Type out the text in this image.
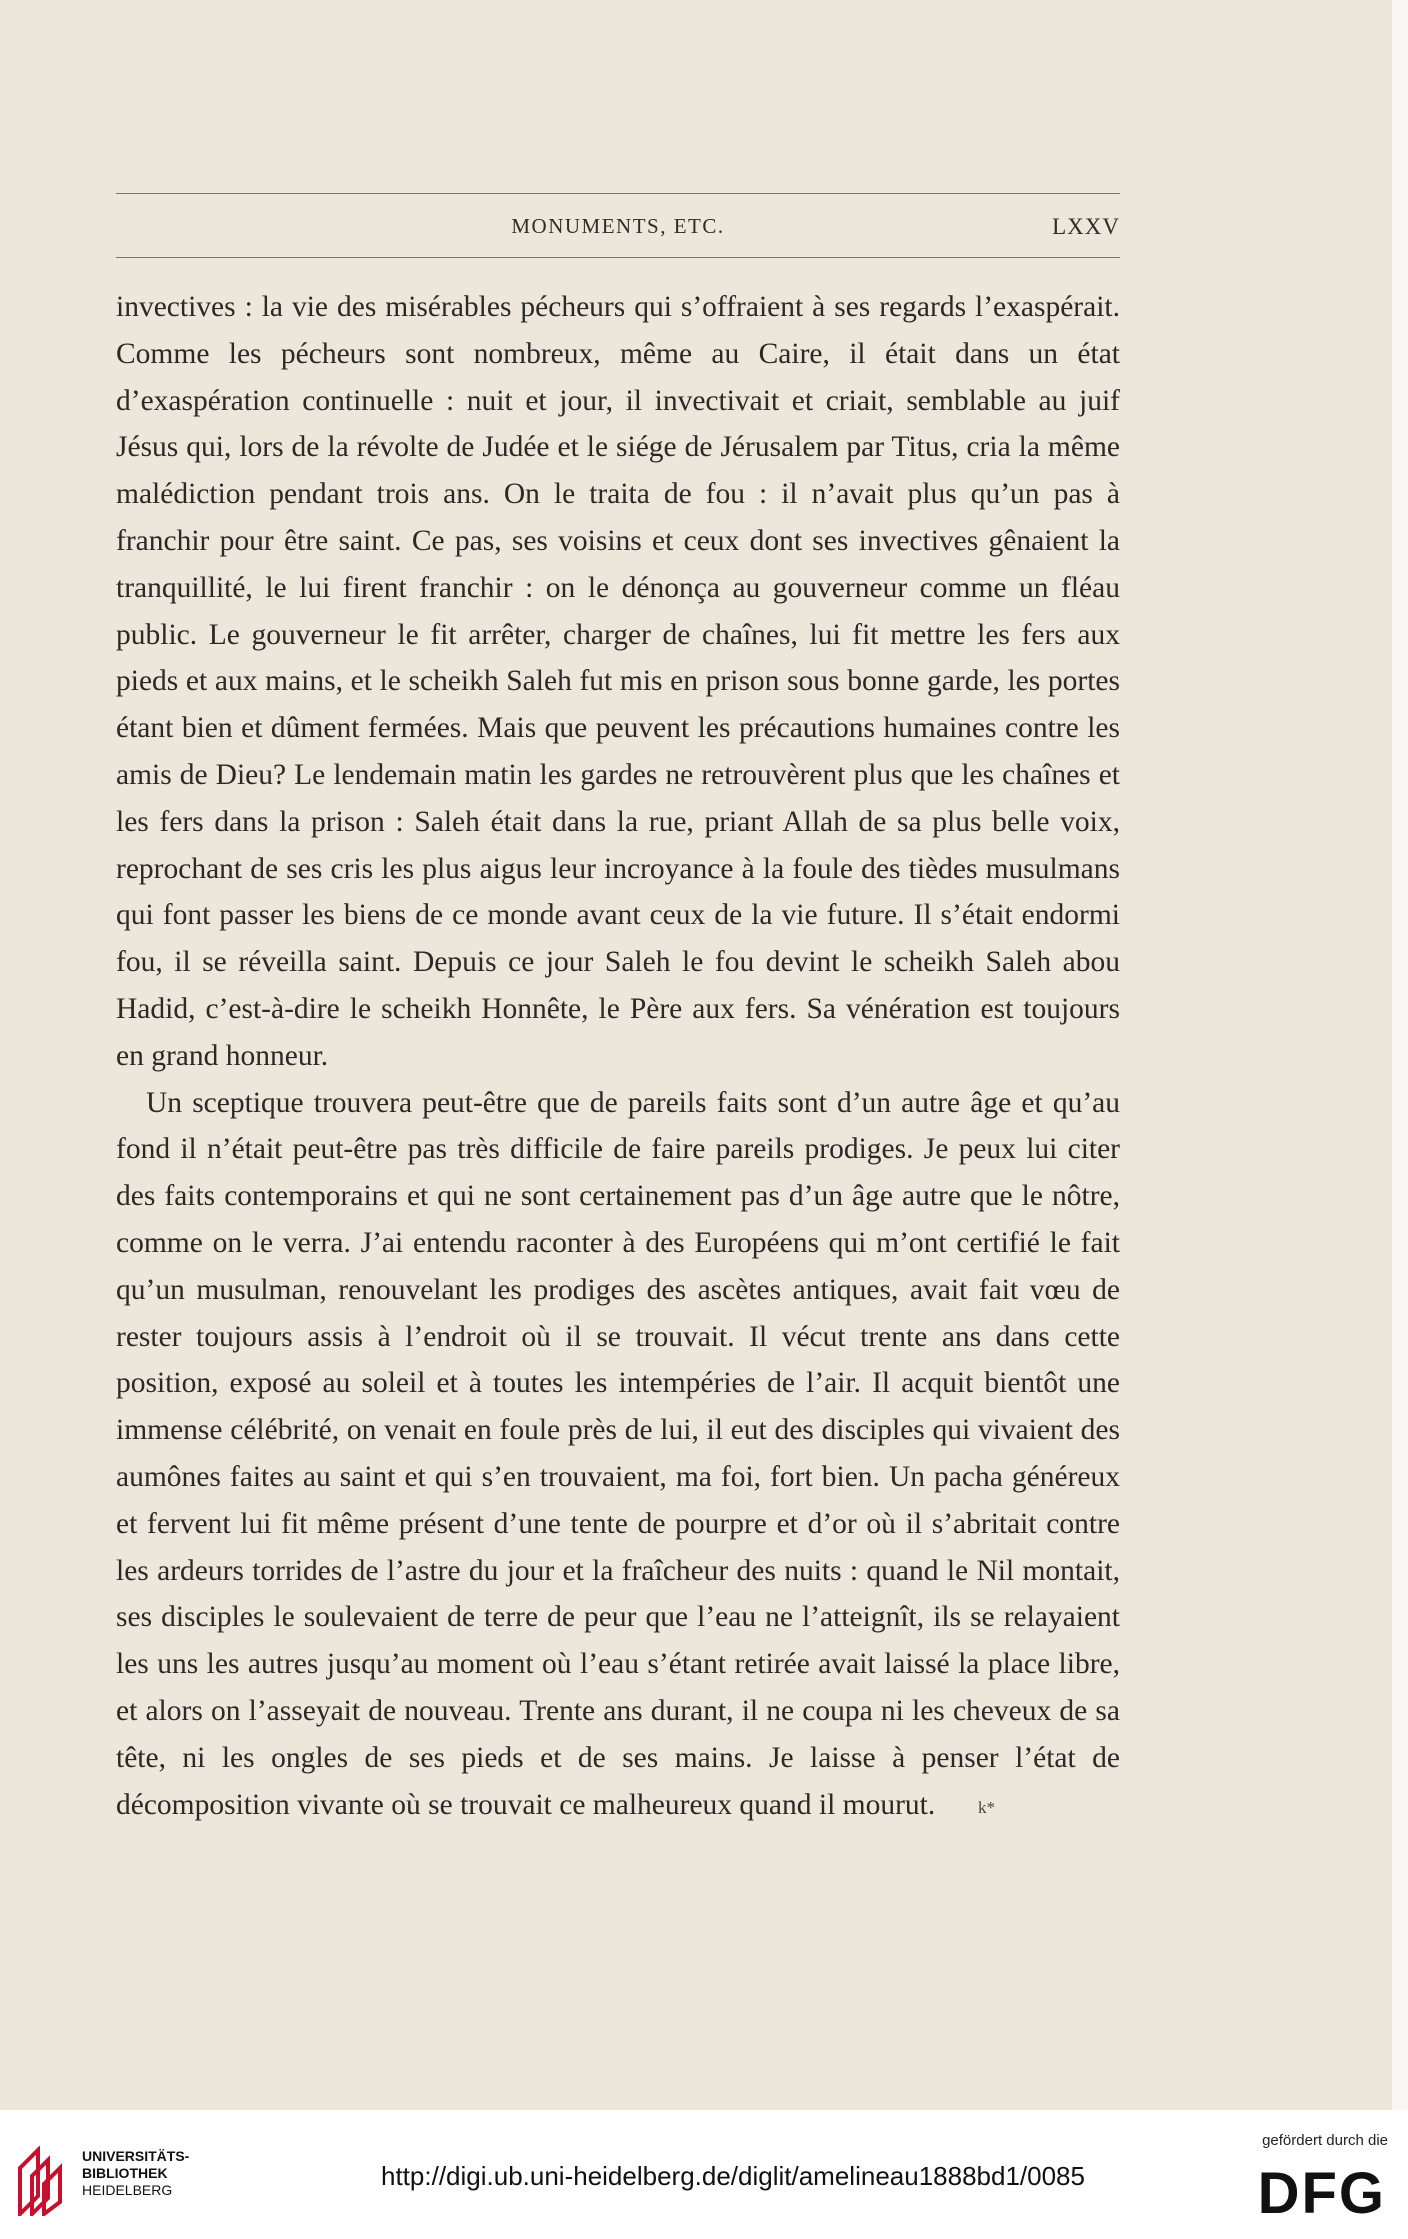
MONUMENTS, ETC.	LXXV

invectives : la vie des misérables pécheurs qui s’offraient à ses regards l’exaspérait. Comme les pécheurs sont nombreux, même au Caire, il était dans un état d’exaspération continuelle : nuit et jour, il invectivait et criait, semblable au juif Jésus qui, lors de la révolte de Judée et le siége de Jérusalem par Titus, cria la même malédiction pendant trois ans. On le traita de fou : il n’avait plus qu’un pas à franchir pour être saint. Ce pas, ses voisins et ceux dont ses invectives gênaient la tranquillité, le lui firent franchir : on le dénonça au gouverneur comme un fléau public. Le gouverneur le fit arrêter, charger de chaînes, lui fit mettre les fers aux pieds et aux mains, et le scheikh Saleh fut mis en prison sous bonne garde, les portes étant bien et dûment fermées. Mais que peuvent les précautions humaines contre les amis de Dieu? Le lendemain matin les gardes ne retrouvèrent plus que les chaînes et les fers dans la prison : Saleh était dans la rue, priant Allah de sa plus belle voix, reprochant de ses cris les plus aigus leur incroyance à la foule des tièdes musulmans qui font passer les biens de ce monde avant ceux de la vie future. Il s’était endormi fou, il se réveilla saint. Depuis ce jour Saleh le fou devint le scheikh Saleh abou Hadid, c’est-à-dire le scheikh Honnête, le Père aux fers. Sa vénération est toujours en grand honneur.

Un sceptique trouvera peut-être que de pareils faits sont d’un autre âge et qu’au fond il n’était peut-être pas très difficile de faire pareils prodiges. Je peux lui citer des faits contemporains et qui ne sont certainement pas d’un âge autre que le nôtre, comme on le verra. J’ai entendu raconter à des Européens qui m’ont certifié le fait qu’un musulman, renouvelant les prodiges des ascètes antiques, avait fait vœu de rester toujours assis à l’endroit où il se trouvait. Il vécut trente ans dans cette position, exposé au soleil et à toutes les intempéries de l’air. Il acquit bientôt une immense célébrité, on venait en foule près de lui, il eut des disciples qui vivaient des aumônes faites au saint et qui s’en trouvaient, ma foi, fort bien. Un pacha généreux et fervent lui fit même présent d’une tente de pourpre et d’or où il s’abritait contre les ardeurs torrides de l’astre du jour et la fraîcheur des nuits : quand le Nil montait, ses disciples le soulevaient de terre de peur que l’eau ne l’atteignît, ils se relayaient les uns les autres jusqu’au moment où l’eau s’étant retirée avait laissé la place libre, et alors on l’asseyait de nouveau. Trente ans durant, il ne coupa ni les cheveux de sa tête, ni les ongles de ses pieds et de ses mains. Je laisse à penser l’état de décomposition vivante où se trouvait ce malheureux quand il mourut.	k*
UNIVERSITÄTS-
BIBLIOTHEK
HEIDELBERG	http://digi.ub.uni-heidelberg.de/diglit/amelineau1888bd1/0085
gefördert durch die
DFG
